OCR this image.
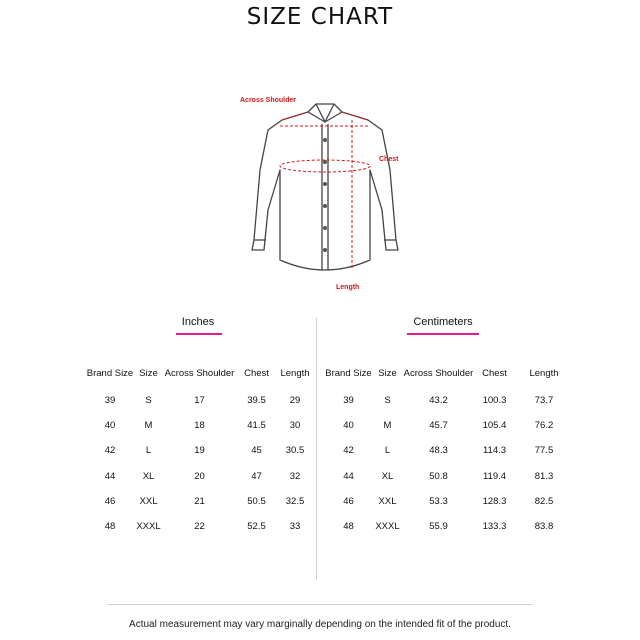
SIZE CHART
Across Shoulder
Chest
Length
Inches	Centimeters
Brand Size	Size	Across Shoulder	Chest	Length
39	S	17	39.5	29
40	M	18	41.5	30
42	L	19	45	30.5
44	XL	20	47	32
46	XXL	21	50.5	32.5
48	XXXL	22	52.5	33
Brand Size	Size	Across Shoulder	Chest	Length
39	S	43.2	100.3	73.7
40	M	45.7	105.4	76.2
42	L	48.3	114.3	77.5
44	XL	50.8	119.4	81.3
46	XXL	53.3	128.3	82.5
48	XXXL	55.9	133.3	83.8
Actual measurement may vary marginally depending on the intended fit of the product.
